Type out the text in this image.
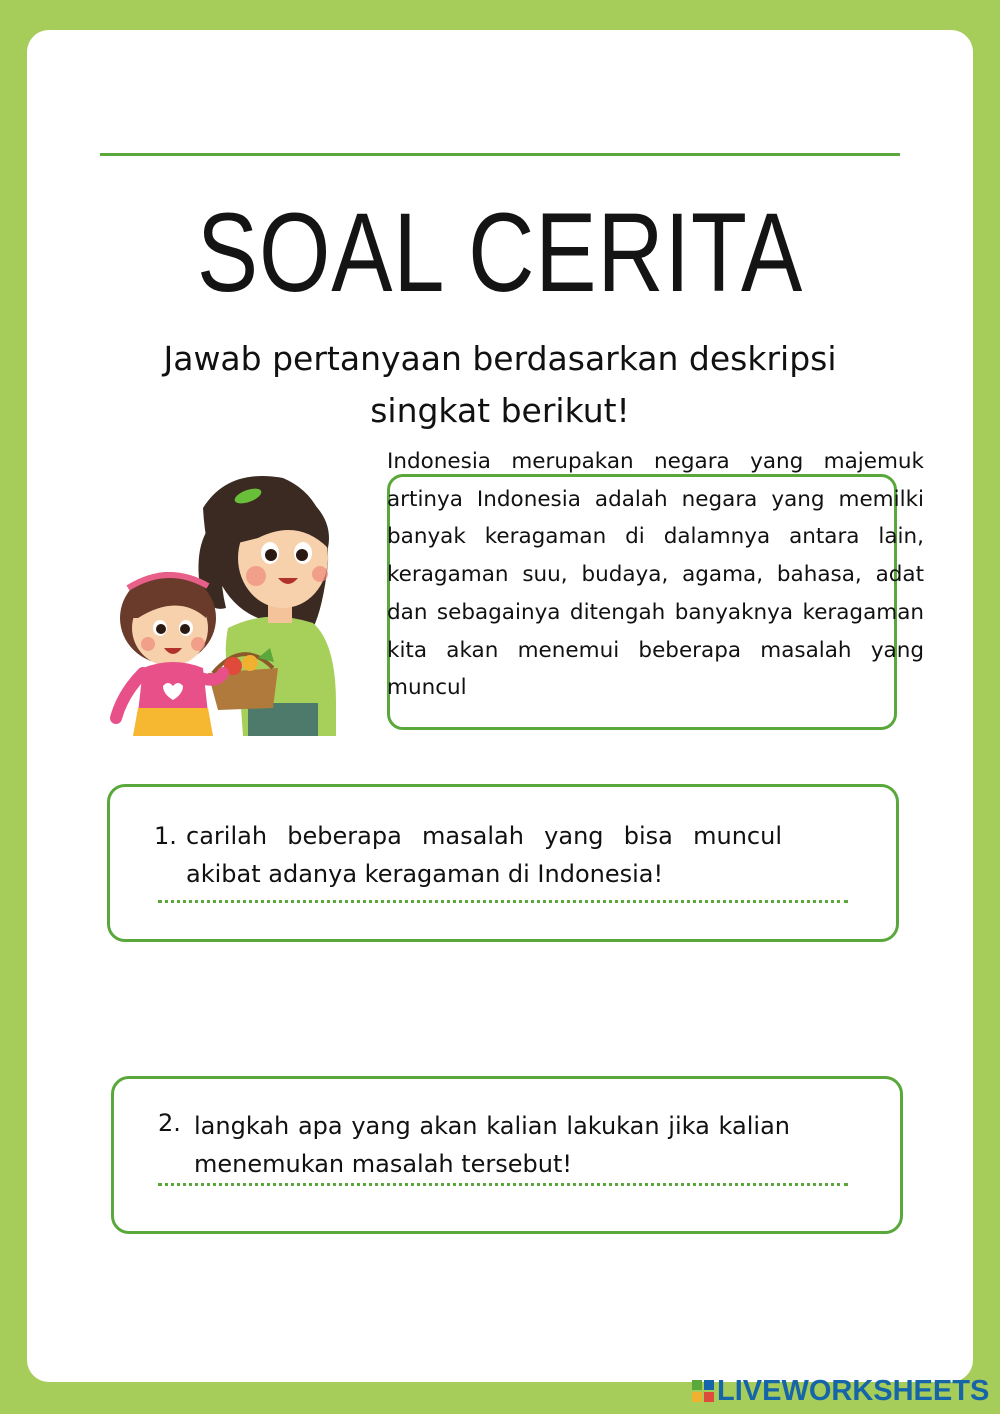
SOAL CERITA
Jawab pertanyaan berdasarkan deskripsi singkat berikut!
Indonesia merupakan negara yang majemuk artinya Indonesia adalah negara yang memilki banyak keragaman di dalamnya antara lain, keragaman suu, budaya, agama, bahasa, adat dan sebagainya ditengah banyaknya keragaman kita akan menemui beberapa masalah yang muncul
1. carilah beberapa masalah yang bisa muncul akibat adanya keragaman di Indonesia!
2. langkah apa yang akan kalian lakukan jika kalian menemukan masalah tersebut!
LIVEWORKSHEETS
